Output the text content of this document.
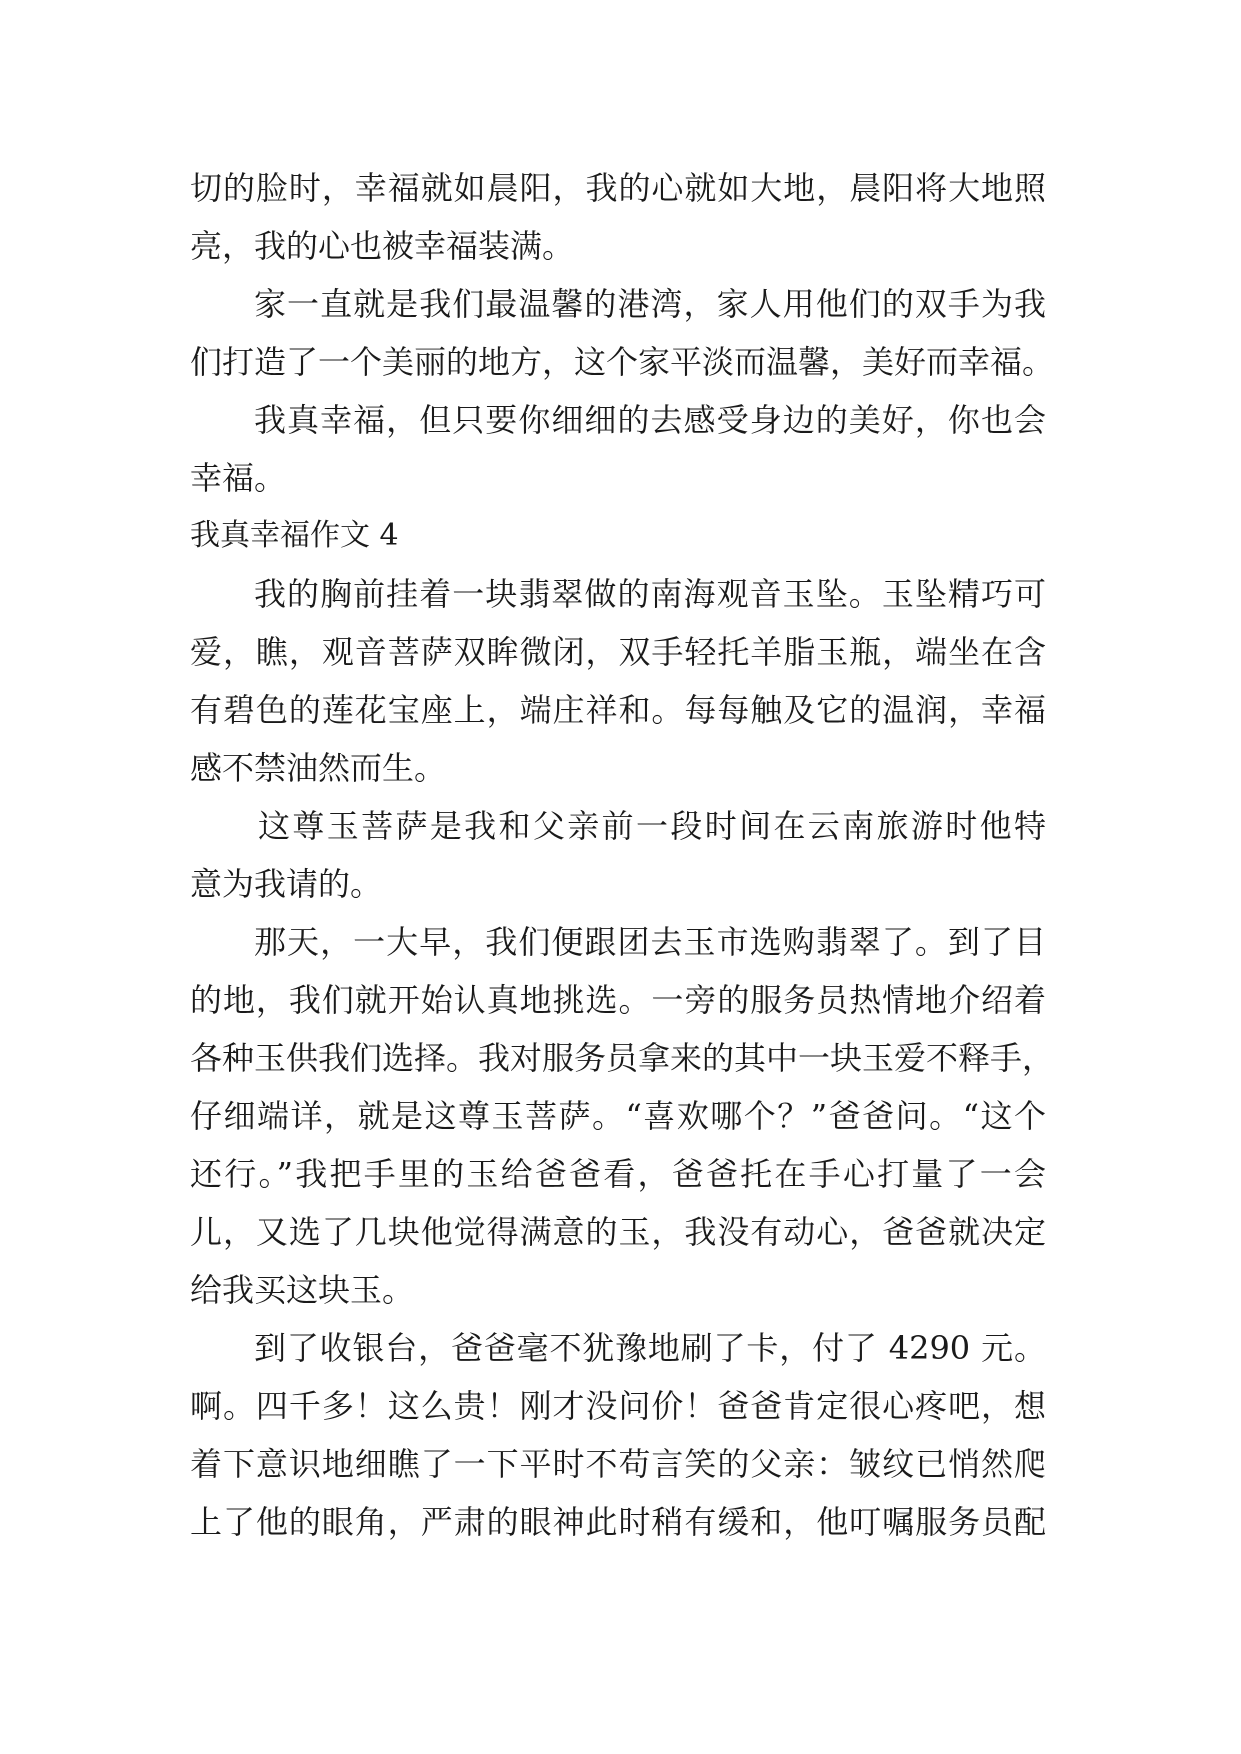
切的脸时，幸福就如晨阳，我的心就如大地，晨阳将大地照

亮，我的心也被幸福装满。

家一直就是我们最温馨的港湾，家人用他们的双手为我

们打造了一个美丽的地方，这个家平淡而温馨，美好而幸福。

我真幸福，但只要你细细的去感受身边的美好，你也会

幸福。

我真幸福作文 4

我的胸前挂着一块翡翠做的南海观音玉坠。玉坠精巧可

爱，瞧，观音菩萨双眸微闭，双手轻托羊脂玉瓶，端坐在含

有碧色的莲花宝座上，端庄祥和。每每触及它的温润，幸福

感不禁油然而生。

这尊玉菩萨是我和父亲前一段时间在云南旅游时他特

意为我请的。

那天，一大早，我们便跟团去玉市选购翡翠了。到了目

的地，我们就开始认真地挑选。一旁的服务员热情地介绍着

各种玉供我们选择。我对服务员拿来的其中一块玉爱不释手，

仔细端详，就是这尊玉菩萨。“喜欢哪个？”爸爸问。“这个

还行。”我把手里的玉给爸爸看，爸爸托在手心打量了一会

儿，又选了几块他觉得满意的玉，我没有动心，爸爸就决定

给我买这块玉。

到了收银台，爸爸毫不犹豫地刷了卡，付了 4290 元。

啊。四千多！这么贵！刚才没问价！爸爸肯定很心疼吧，想

着下意识地细瞧了一下平时不苟言笑的父亲：皱纹已悄然爬

上了他的眼角，严肃的眼神此时稍有缓和，他叮嘱服务员配
